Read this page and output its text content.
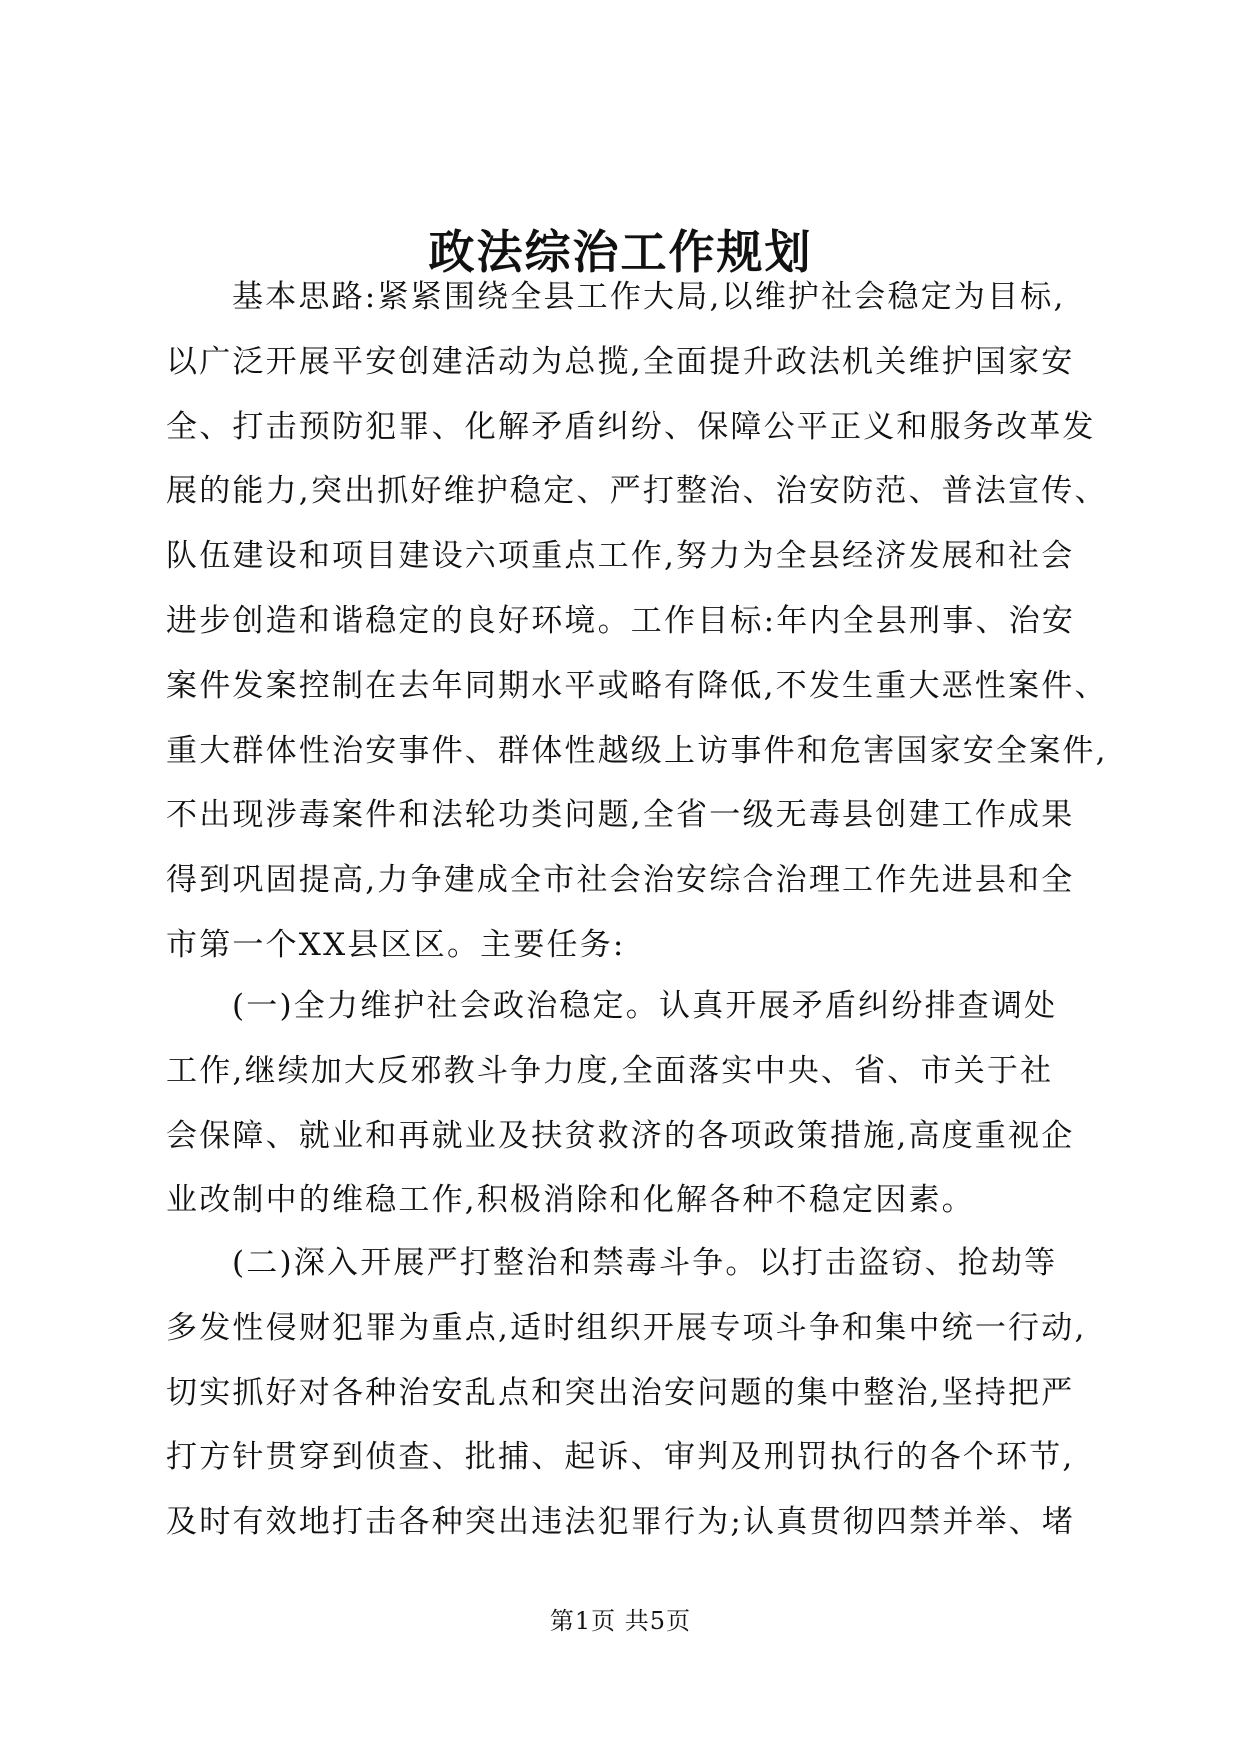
政法综治工作规划
基本思路:紧紧围绕全县工作大局,以维护社会稳定为目标,
以广泛开展平安创建活动为总揽,全面提升政法机关维护国家安
全、打击预防犯罪、化解矛盾纠纷、保障公平正义和服务改革发
展的能力,突出抓好维护稳定、严打整治、治安防范、普法宣传、
队伍建设和项目建设六项重点工作,努力为全县经济发展和社会
进步创造和谐稳定的良好环境。工作目标:年内全县刑事、治安
案件发案控制在去年同期水平或略有降低,不发生重大恶性案件、
重大群体性治安事件、群体性越级上访事件和危害国家安全案件,
不出现涉毒案件和法轮功类问题,全省一级无毒县创建工作成果
得到巩固提高,力争建成全市社会治安综合治理工作先进县和全
市第一个XX县区区。主要任务:
(一)全力维护社会政治稳定。认真开展矛盾纠纷排查调处
工作,继续加大反邪教斗争力度,全面落实中央、省、市关于社
会保障、就业和再就业及扶贫救济的各项政策措施,高度重视企
业改制中的维稳工作,积极消除和化解各种不稳定因素。
(二)深入开展严打整治和禁毒斗争。以打击盗窃、抢劫等
多发性侵财犯罪为重点,适时组织开展专项斗争和集中统一行动,
切实抓好对各种治安乱点和突出治安问题的集中整治,坚持把严
打方针贯穿到侦查、批捕、起诉、审判及刑罚执行的各个环节,
及时有效地打击各种突出违法犯罪行为;认真贯彻四禁并举、堵
第1页 共5页
